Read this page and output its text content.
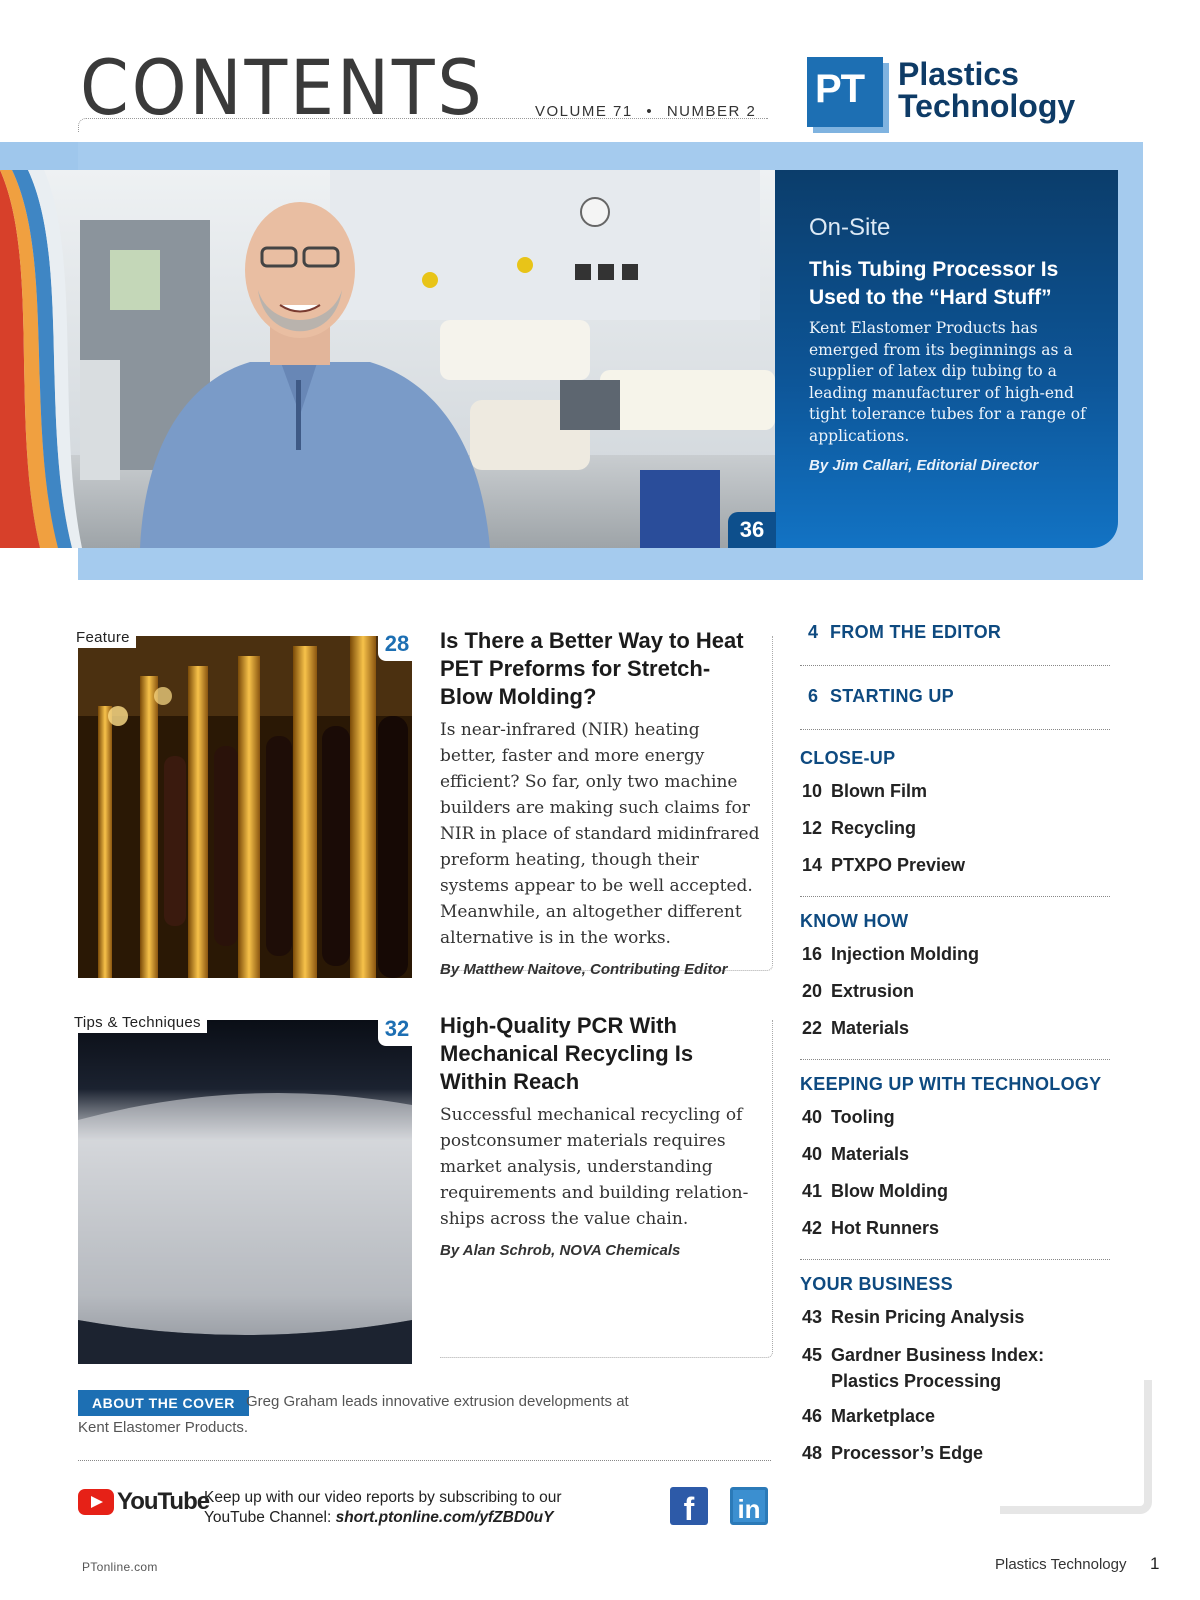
CONTENTS	VOLUME 71 • NUMBER 2
PT Plastics
Technology
On-Site
This Tubing Processor Is Used to the “Hard Stuff”
Kent Elastomer Products has emerged from its beginnings as a supplier of latex dip tubing to a leading manufacturer of high-end tight tolerance tubes for a range of applications.
By Jim Callari, Editorial Director
36
Feature	28	Is There a Better Way to Heat PET Preforms for Stretch-Blow Molding?
Is near-infrared (NIR) heating better, faster and more energy efficient? So far, only two machine builders are making such claims for NIR in place of standard midinfrared preform heating, though their systems appear to be well accepted. Meanwhile, an altogether different alternative is in the works.
By Matthew Naitove, Contributing Editor
Tips & Techniques	32	High-Quality PCR With Mechanical Recycling Is Within Reach
Successful mechanical recycling of postconsumer materials requires market analysis, understanding requirements and building relation-ships across the value chain.
By Alan Schrob, NOVA Chemicals
4 FROM THE EDITOR
6 STARTING UP
CLOSE-UP
10 Blown Film
12 Recycling
14 PTXPO Preview
KNOW HOW
16 Injection Molding
20 Extrusion
22 Materials
KEEPING UP WITH TECHNOLOGY
40 Tooling
40 Materials
41 Blow Molding
42 Hot Runners
YOUR BUSINESS
43 Resin Pricing Analysis
45 Gardner Business Index:
Plastics Processing
46 Marketplace
48 Processor’s Edge
ABOUT THE COVER Greg Graham leads innovative extrusion developments at
Kent Elastomer Products.
YouTube
Keep up with our video reports by subscribing to our
YouTube Channel: short.ptonline.com/yfZBD0uY	f	in
PTonline.com	Plastics Technology 1
